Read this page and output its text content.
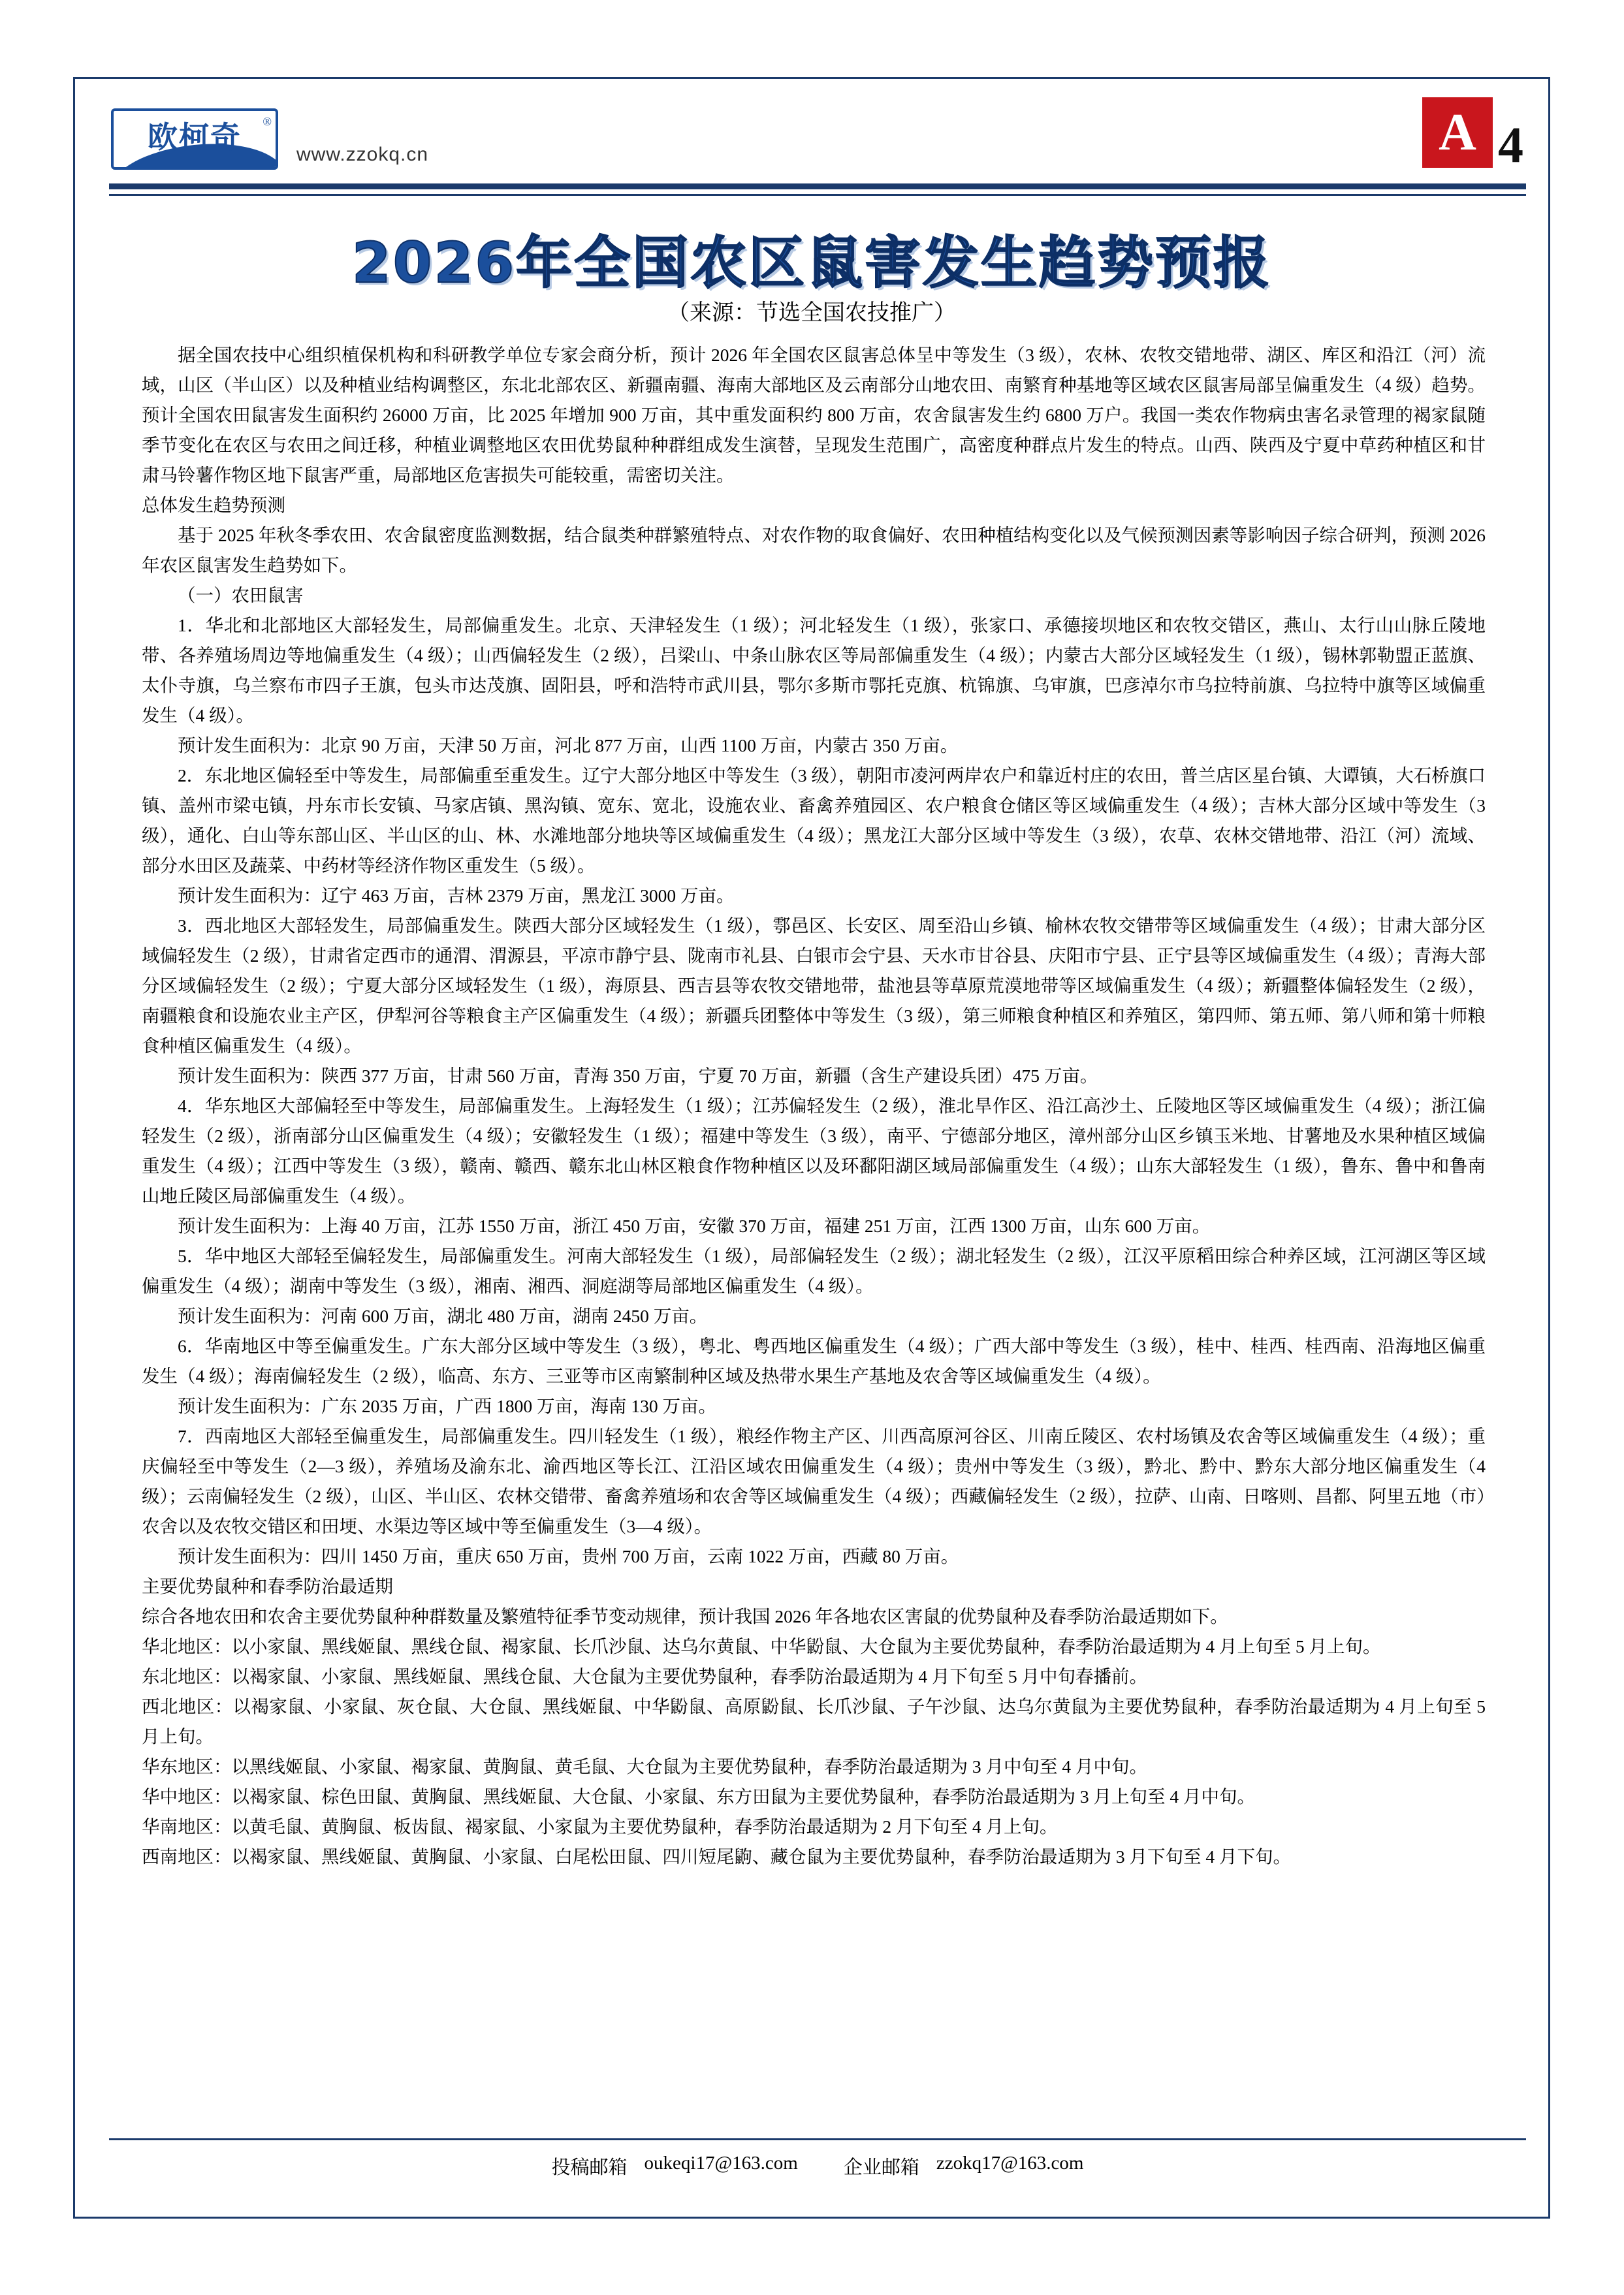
欧柯奇 ®
www.zzokq.cn	A 4
2026年全国农区鼠害发生趋势预报
（来源：节选全国农技推广）

据全国农技中心组织植保机构和科研教学单位专家会商分析，预计 2026 年全国农区鼠害总体呈中等发生（3 级），农林、农牧交错地带、湖区、库区和沿江（河）流域，山区（半山区）以及种植业结构调整区，东北北部农区、新疆南疆、海南大部地区及云南部分山地农田、南繁育种基地等区域农区鼠害局部呈偏重发生（4 级）趋势。预计全国农田鼠害发生面积约 26000 万亩，比 2025 年增加 900 万亩，其中重发面积约 800 万亩，农舍鼠害发生约 6800 万户。我国一类农作物病虫害名录管理的褐家鼠随季节变化在农区与农田之间迁移，种植业调整地区农田优势鼠种种群组成发生演替，呈现发生范围广，高密度种群点片发生的特点。山西、陕西及宁夏中草药种植区和甘肃马铃薯作物区地下鼠害严重，局部地区危害损失可能较重，需密切关注。

总体发生趋势预测

基于 2025 年秋冬季农田、农舍鼠密度监测数据，结合鼠类种群繁殖特点、对农作物的取食偏好、农田种植结构变化以及气候预测因素等影响因子综合研判，预测 2026 年农区鼠害发生趋势如下。

（一）农田鼠害

1．华北和北部地区大部轻发生，局部偏重发生。北京、天津轻发生（1 级）；河北轻发生（1 级），张家口、承德接坝地区和农牧交错区，燕山、太行山山脉丘陵地带、各养殖场周边等地偏重发生（4 级）；山西偏轻发生（2 级），吕梁山、中条山脉农区等局部偏重发生（4 级）；内蒙古大部分区域轻发生（1 级），锡林郭勒盟正蓝旗、太仆寺旗，乌兰察布市四子王旗，包头市达茂旗、固阳县，呼和浩特市武川县，鄂尔多斯市鄂托克旗、杭锦旗、乌审旗，巴彦淖尔市乌拉特前旗、乌拉特中旗等区域偏重发生（4 级）。

预计发生面积为：北京 90 万亩，天津 50 万亩，河北 877 万亩，山西 1100 万亩，内蒙古 350 万亩。

2．东北地区偏轻至中等发生，局部偏重至重发生。辽宁大部分地区中等发生（3 级），朝阳市凌河两岸农户和靠近村庄的农田，普兰店区星台镇、大谭镇，大石桥旗口镇、盖州市梁屯镇，丹东市长安镇、马家店镇、黑沟镇、宽东、宽北，设施农业、畜禽养殖园区、农户粮食仓储区等区域偏重发生（4 级）；吉林大部分区域中等发生（3 级），通化、白山等东部山区、半山区的山、林、水滩地部分地块等区域偏重发生（4 级）；黑龙江大部分区域中等发生（3 级），农草、农林交错地带、沿江（河）流域、部分水田区及蔬菜、中药材等经济作物区重发生（5 级）。

预计发生面积为：辽宁 463 万亩，吉林 2379 万亩，黑龙江 3000 万亩。

3．西北地区大部轻发生，局部偏重发生。陕西大部分区域轻发生（1 级），鄠邑区、长安区、周至沿山乡镇、榆林农牧交错带等区域偏重发生（4 级）；甘肃大部分区域偏轻发生（2 级），甘肃省定西市的通渭、渭源县，平凉市静宁县、陇南市礼县、白银市会宁县、天水市甘谷县、庆阳市宁县、正宁县等区域偏重发生（4 级）；青海大部分区域偏轻发生（2 级）；宁夏大部分区域轻发生（1 级），海原县、西吉县等农牧交错地带，盐池县等草原荒漠地带等区域偏重发生（4 级）；新疆整体偏轻发生（2 级），南疆粮食和设施农业主产区，伊犁河谷等粮食主产区偏重发生（4 级）；新疆兵团整体中等发生（3 级），第三师粮食种植区和养殖区，第四师、第五师、第八师和第十师粮食种植区偏重发生（4 级）。

预计发生面积为：陕西 377 万亩，甘肃 560 万亩，青海 350 万亩，宁夏 70 万亩，新疆（含生产建设兵团）475 万亩。

4．华东地区大部偏轻至中等发生，局部偏重发生。上海轻发生（1 级）；江苏偏轻发生（2 级），淮北旱作区、沿江高沙土、丘陵地区等区域偏重发生（4 级）；浙江偏轻发生（2 级），浙南部分山区偏重发生（4 级）；安徽轻发生（1 级）；福建中等发生（3 级），南平、宁德部分地区，漳州部分山区乡镇玉米地、甘薯地及水果种植区域偏重发生（4 级）；江西中等发生（3 级），赣南、赣西、赣东北山林区粮食作物种植区以及环鄱阳湖区域局部偏重发生（4 级）；山东大部轻发生（1 级），鲁东、鲁中和鲁南山地丘陵区局部偏重发生（4 级）。

预计发生面积为：上海 40 万亩，江苏 1550 万亩，浙江 450 万亩，安徽 370 万亩，福建 251 万亩，江西 1300 万亩，山东 600 万亩。

5．华中地区大部轻至偏轻发生，局部偏重发生。河南大部轻发生（1 级），局部偏轻发生（2 级）；湖北轻发生（2 级），江汉平原稻田综合种养区域，江河湖区等区域偏重发生（4 级）；湖南中等发生（3 级），湘南、湘西、洞庭湖等局部地区偏重发生（4 级）。

预计发生面积为：河南 600 万亩，湖北 480 万亩，湖南 2450 万亩。

6．华南地区中等至偏重发生。广东大部分区域中等发生（3 级），粤北、粤西地区偏重发生（4 级）；广西大部中等发生（3 级），桂中、桂西、桂西南、沿海地区偏重发生（4 级）；海南偏轻发生（2 级），临高、东方、三亚等市区南繁制种区域及热带水果生产基地及农舍等区域偏重发生（4 级）。

预计发生面积为：广东 2035 万亩，广西 1800 万亩，海南 130 万亩。

7．西南地区大部轻至偏重发生，局部偏重发生。四川轻发生（1 级），粮经作物主产区、川西高原河谷区、川南丘陵区、农村场镇及农舍等区域偏重发生（4 级）；重庆偏轻至中等发生（2—3 级），养殖场及渝东北、渝西地区等长江、江沿区域农田偏重发生（4 级）；贵州中等发生（3 级），黔北、黔中、黔东大部分地区偏重发生（4 级）；云南偏轻发生（2 级），山区、半山区、农林交错带、畜禽养殖场和农舍等区域偏重发生（4 级）；西藏偏轻发生（2 级），拉萨、山南、日喀则、昌都、阿里五地（市）农舍以及农牧交错区和田埂、水渠边等区域中等至偏重发生（3—4 级）。

预计发生面积为：四川 1450 万亩，重庆 650 万亩，贵州 700 万亩，云南 1022 万亩，西藏 80 万亩。

主要优势鼠种和春季防治最适期

综合各地农田和农舍主要优势鼠种种群数量及繁殖特征季节变动规律，预计我国 2026 年各地农区害鼠的优势鼠种及春季防治最适期如下。

华北地区：以小家鼠、黑线姬鼠、黑线仓鼠、褐家鼠、长爪沙鼠、达乌尔黄鼠、中华鼢鼠、大仓鼠为主要优势鼠种，春季防治最适期为 4 月上旬至 5 月上旬。

东北地区：以褐家鼠、小家鼠、黑线姬鼠、黑线仓鼠、大仓鼠为主要优势鼠种，春季防治最适期为 4 月下旬至 5 月中旬春播前。

西北地区：以褐家鼠、小家鼠、灰仓鼠、大仓鼠、黑线姬鼠、中华鼢鼠、高原鼢鼠、长爪沙鼠、子午沙鼠、达乌尔黄鼠为主要优势鼠种，春季防治最适期为 4 月上旬至 5 月上旬。

华东地区：以黑线姬鼠、小家鼠、褐家鼠、黄胸鼠、黄毛鼠、大仓鼠为主要优势鼠种，春季防治最适期为 3 月中旬至 4 月中旬。

华中地区：以褐家鼠、棕色田鼠、黄胸鼠、黑线姬鼠、大仓鼠、小家鼠、东方田鼠为主要优势鼠种，春季防治最适期为 3 月上旬至 4 月中旬。

华南地区：以黄毛鼠、黄胸鼠、板齿鼠、褐家鼠、小家鼠为主要优势鼠种，春季防治最适期为 2 月下旬至 4 月上旬。

西南地区：以褐家鼠、黑线姬鼠、黄胸鼠、小家鼠、白尾松田鼠、四川短尾鼩、藏仓鼠为主要优势鼠种，春季防治最适期为 3 月下旬至 4 月下旬。

投稿邮箱 oukeqi17@163.com 企业邮箱 zzokq17@163.com
